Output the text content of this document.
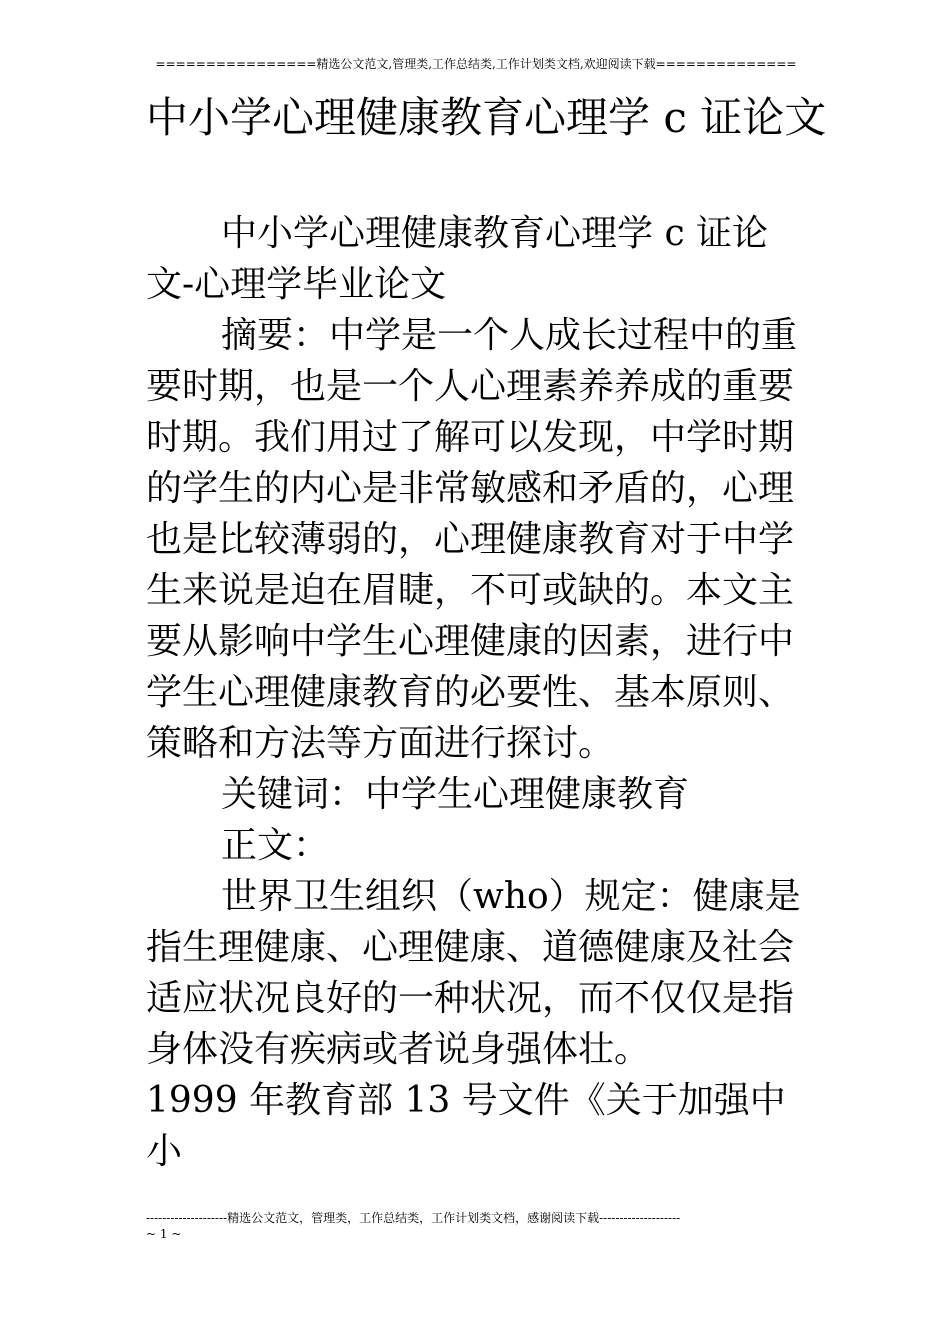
================精选公文范文,管理类,工作总结类,工作计划类文档,欢迎阅读下载==============
中小学心理健康教育心理学 c 证论文

中小学心理健康教育心理学 c 证论文-心理学毕业论文

摘要：中学是一个人成长过程中的重要时期，也是一个人心理素养养成的重要时期。我们用过了解可以发现，中学时期的学生的内心是非常敏感和矛盾的，心理也是比较薄弱的，心理健康教育对于中学生来说是迫在眉睫，不可或缺的。本文主要从影响中学生心理健康的因素，进行中学生心理健康教育的必要性、基本原则、策略和方法等方面进行探讨。

关键词：中学生心理健康教育

正文：

世界卫生组织（who）规定：健康是指生理健康、心理健康、道德健康及社会适应状况良好的一种状况，而不仅仅是指身体没有疾病或者说身强体壮。

1999 年教育部 13 号文件《关于加强中小

--------------------精选公文范文，管理类，工作总结类，工作计划类文档，感谢阅读下载--------------------
~ 1 ~
